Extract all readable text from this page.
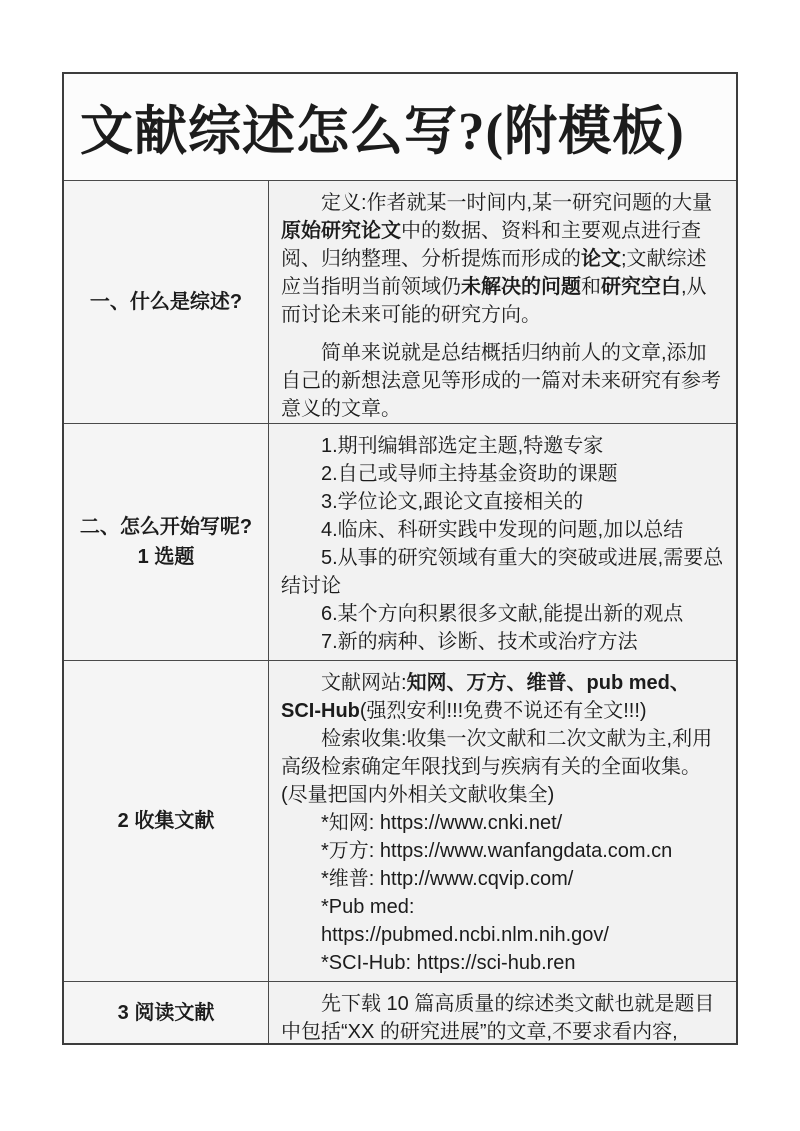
文献综述怎么写?(附模板)
一、什么是综述?

定义:作者就某一时间内,某一研究问题的大量原始研究论文中的数据、资料和主要观点进行查阅、归纳整理、分析提炼而形成的论文;文献综述应当指明当前领域仍未解决的问题和研究空白,从而讨论未来可能的研究方向。

简单来说就是总结概括归纳前人的文章,添加自己的新想法意见等形成的一篇对未来研究有参考意义的文章。

二、怎么开始写呢?
1 选题

1.期刊编辑部选定主题,特邀专家

2.自己或导师主持基金资助的课题

3.学位论文,跟论文直接相关的

4.临床、科研实践中发现的问题,加以总结

5.从事的研究领域有重大的突破或进展,需要总结讨论

6.某个方向积累很多文献,能提出新的观点

7.新的病种、诊断、技术或治疗方法

2 收集文献

文献网站:知网、万方、维普、pub med、SCI-Hub(强烈安利!!!免费不说还有全文!!!)

检索收集:收集一次文献和二次文献为主,利用高级检索确定年限找到与疾病有关的全面收集。(尽量把国内外相关文献收集全)

*知网: https://www.cnki.net/

*万方: https://www.wanfangdata.com.cn

*维普: http://www.cqvip.com/

*Pub med:

https://pubmed.ncbi.nlm.nih.gov/

*SCI-Hub: https://sci-hub.ren

3 阅读文献	先下载 10 篇高质量的综述类文献也就是题目中包括“XX 的研究进展”的文章,不要求看内容,
